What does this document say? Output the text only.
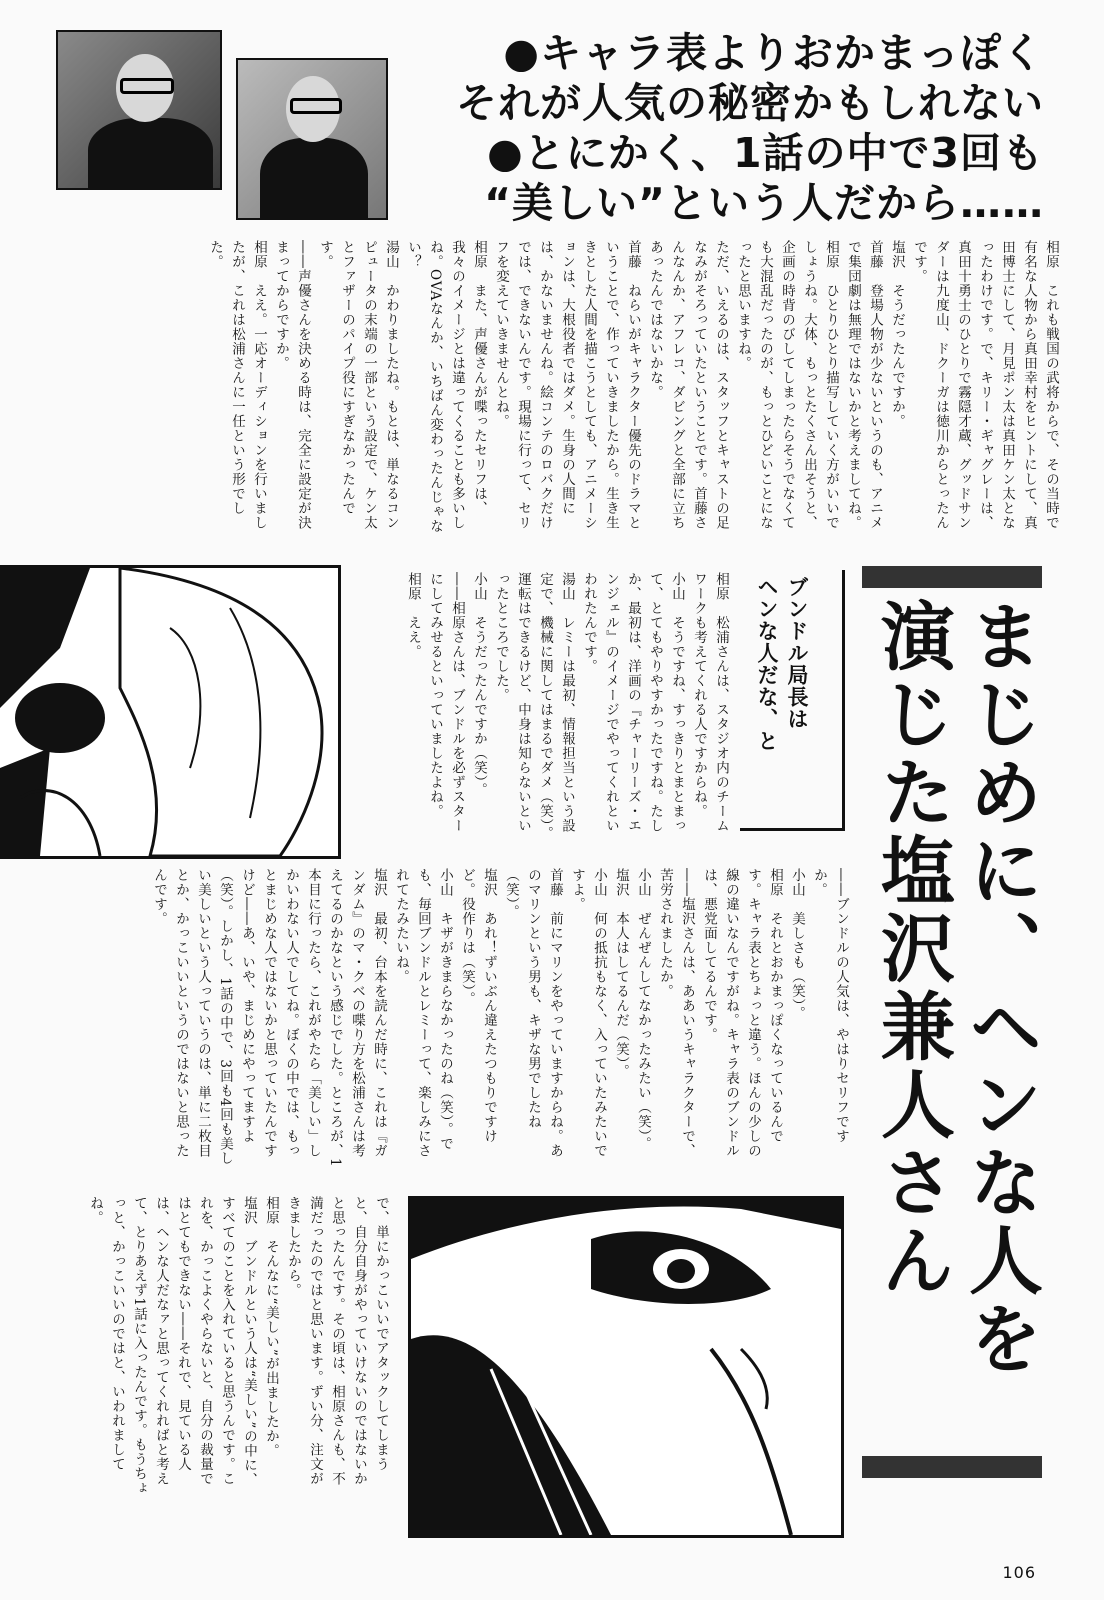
●キャラ表よりおかまっぽく
それが人気の秘密かもしれない
●とにかく、1話の中で3回も
“美しい”という人だから……

相原　これも戦国の武将からで、その当時で有名な人物から真田幸村をヒントにして、真田博士にして、月見ポン太は真田ケン太となったわけです。で、キリー・ギャグレーは、真田十勇士のひとりで霧隠才蔵、グッドサンダーは九度山、ドクーガは徳川からとったんです。

塩沢　そうだったんですか。

首藤　登場人物が少ないというのも、アニメで集団劇は無理ではないかと考えましてね。

相原　ひとりひとり描写していく方がいいでしょうね。大体、もっとたくさん出そうと、企画の時背のびしてしまったらそうでなくても大混乱だったのが、もっとひどいことになったと思いますね。

ただ、いえるのは、スタッフとキャストの足なみがそろっていたということです。首藤さんなんか、アフレコ、ダビングと全部に立ちあったんではないかな。

首藤　ねらいがキャラクター優先のドラマということで、作っていきましたから。生き生きとした人間を描こうとしても、アニメーションは、大根役者ではダメ。生身の人間には、かないませんね。絵コンテのロバクだけでは、できないんです。現場に行って、セリフを変えていきませんとね。

相原　また、声優さんが喋ったセリフは、我々のイメージとは違ってくることも多いしね。OVAなんか、いちばん変わったんじゃない？

湯山　かわりましたね。もとは、単なるコンピュータの末端の一部という設定で、ケン太とファザーのパイプ役にすぎなかったんです。

――声優さんを決める時は、完全に設定が決まってからですか。

相原　ええ。一応オーディションを行いましたが、これは松浦さんに一任という形でした。

まじめに、ヘンな人を
演じた塩沢兼人さん
ブンドル局長は
ヘンな人だな、と

相原　松浦さんは、スタジオ内のチームワークも考えてくれる人ですからね。

小山　そうですね、すっきりとまとまって、とてもやりやすかったですね。たしか、最初は、洋画の『チャーリーズ・エンジェル』のイメージでやってくれといわれたんです。

湯山　レミーは最初、情報担当という設定で、機械に関してはまるでダメ（笑）。運転はできるけど、中身は知らないといったところでした。

小山　そうだったんですか（笑）。

――相原さんは、ブンドルを必ずスターにしてみせるといっていましたよね。

相原　ええ。

――ブンドルの人気は、やはりセリフですか。

小山　美しさも（笑）。

相原　それとおかまっぽくなっているんです。キャラ表とちょっと違う。ほんの少しの線の違いなんですがね。キャラ表のブンドルは、悪党面してるんです。

――塩沢さんは、ああいうキャラクターで、苦労されましたか。

小山　ぜんぜんしてなかったみたい（笑）。

塩沢　本人はしてるんだ（笑）。

小山　何の抵抗もなく、入っていたみたいですよ。

首藤　前にマリンをやっていますからね。あのマリンという男も、キザな男でしたね（笑）。

塩沢　あれ！ずいぶん違えたつもりですけど。役作りは（笑）。

小山　キザがきまらなかったのね（笑）。でも、毎回ブンドルとレミーって、楽しみにされてたみたいね。

塩沢　最初、台本を読んだ時に、これは『ガンダム』のマ・クベの喋り方を松浦さんは考えてるのかなという感じでした。ところが、1本目に行ったら、これがやたら「美しい」しかいわない人でしてね。ぼくの中では、もっとまじめな人ではないかと思っていたんですけど――あ、いや、まじめにやってますよ（笑）。しかし、1話の中で、3回も4回も美しい美しいという人っていうのは、単に二枚目とか、かっこいいというのではないと思ったんです。

で、単にかっこいいでアタックしてしまうと、自分自身がやっていけないのではないかと思ったんです。その頃は、相原さんも、不満だったのではと思います。ずい分、注文がきましたから。

相原　そんなに“美しい”が出ましたか。

塩沢　ブンドルという人は“美しい”の中に、すべてのことを入れていると思うんです。これを、かっこよくやらないと、自分の裁量ではとてもできない――それで、見ている人は、ヘンな人だなァと思ってくれればと考えて、とりあえず1話に入ったんです。もうちょっと、かっこいいのではと、いわれましてね。

106
